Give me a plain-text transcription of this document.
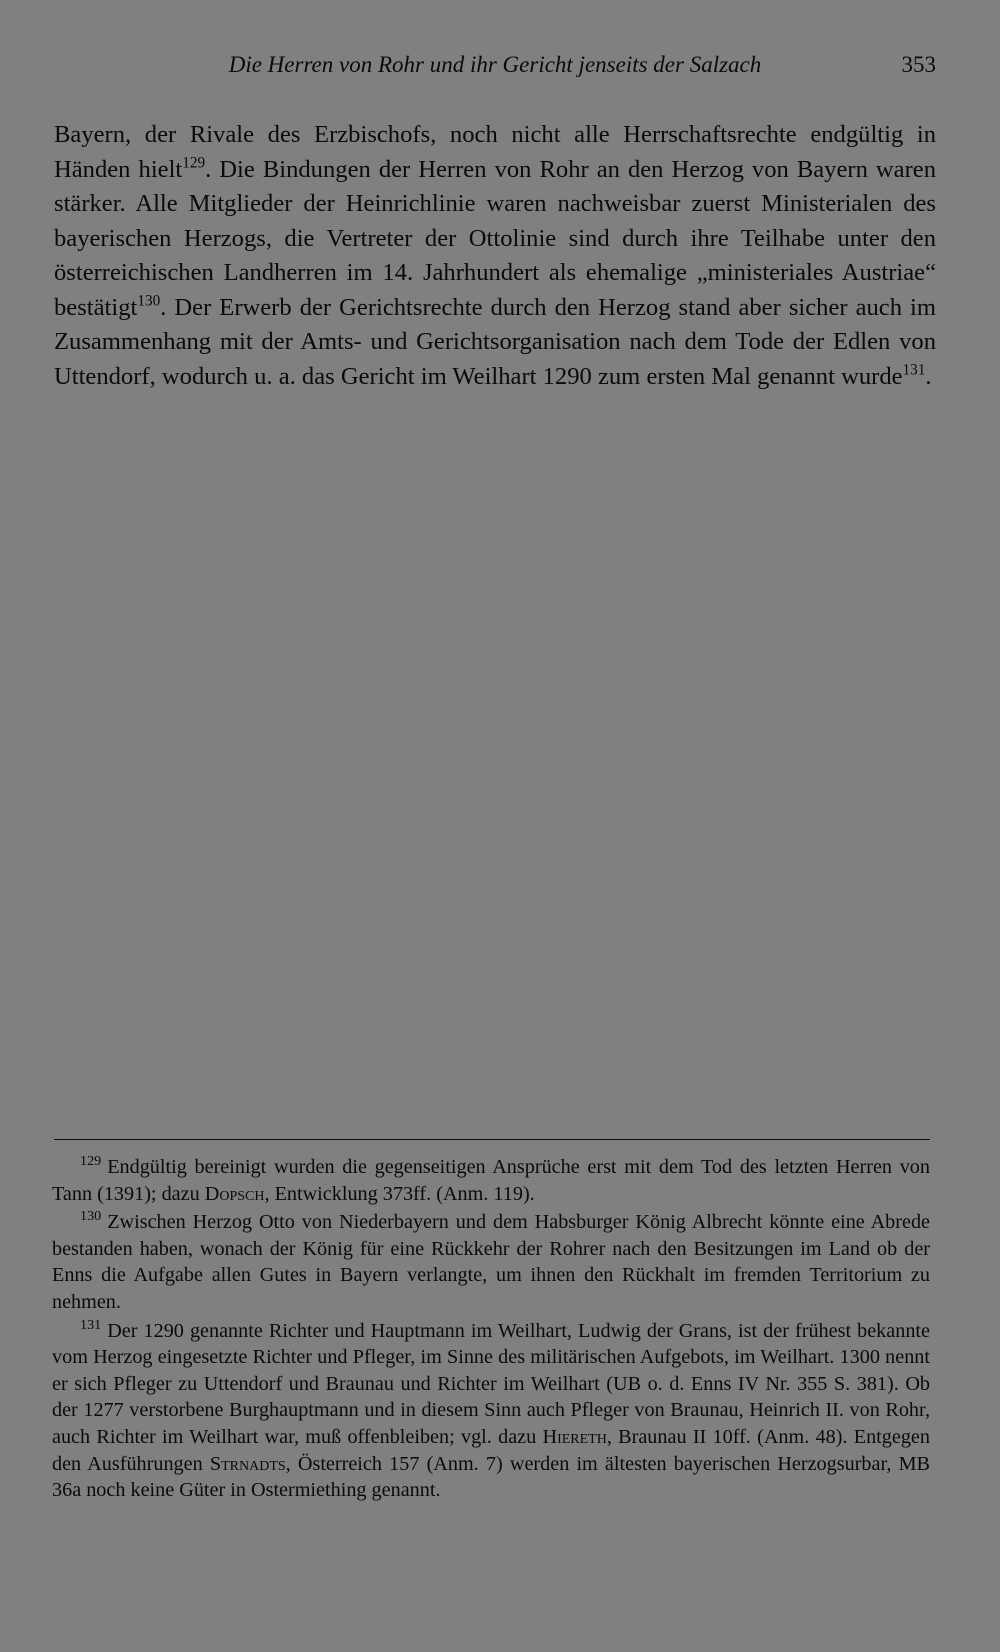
Die Herren von Rohr und ihr Gericht jenseits der Salzach	353

Bayern, der Rivale des Erzbischofs, noch nicht alle Herrschaftsrechte endgültig in Händen hielt$^{129}$. Die Bindungen der Herren von Rohr an den Herzog von Bayern waren stärker. Alle Mitglieder der Heinrichlinie waren nachweisbar zuerst Ministerialen des bayerischen Herzogs, die Vertreter der Ottolinie sind durch ihre Teilhabe unter den österreichischen Landherren im 14. Jahrhundert als ehemalige „ministeriales Austriae“ bestätigt$^{130}$. Der Erwerb der Gerichtsrechte durch den Herzog stand aber sicher auch im Zusammenhang mit der Amts- und Gerichtsorganisation nach dem Tode der Edlen von Uttendorf, wodurch u. a. das Gericht im Weilhart 1290 zum ersten Mal genannt wurde$^{131}$.

$^{129}$ Endgültig bereinigt wurden die gegenseitigen Ansprüche erst mit dem Tod des letzten Herren von Tann (1391); dazu Dopsch, Entwicklung 373ff. (Anm. 119).

$^{130}$ Zwischen Herzog Otto von Niederbayern und dem Habsburger König Albrecht könnte eine Abrede bestanden haben, wonach der König für eine Rückkehr der Rohrer nach den Besitzungen im Land ob der Enns die Aufgabe allen Gutes in Bayern verlangte, um ihnen den Rückhalt im fremden Territorium zu nehmen.

$^{131}$ Der 1290 genannte Richter und Hauptmann im Weilhart, Ludwig der Grans, ist der frühest bekannte vom Herzog eingesetzte Richter und Pfleger, im Sinne des militärischen Aufgebots, im Weilhart. 1300 nennt er sich Pfleger zu Uttendorf und Braunau und Richter im Weilhart (UB o. d. Enns IV Nr. 355 S. 381). Ob der 1277 verstorbene Burghauptmann und in diesem Sinn auch Pfleger von Braunau, Heinrich II. von Rohr, auch Richter im Weilhart war, muß offenbleiben; vgl. dazu Hiereth, Braunau II 10ff. (Anm. 48). Entgegen den Ausführungen Strnadts, Österreich 157 (Anm. 7) werden im ältesten bayerischen Herzogsurbar, MB 36a noch keine Güter in Ostermiething genannt.
